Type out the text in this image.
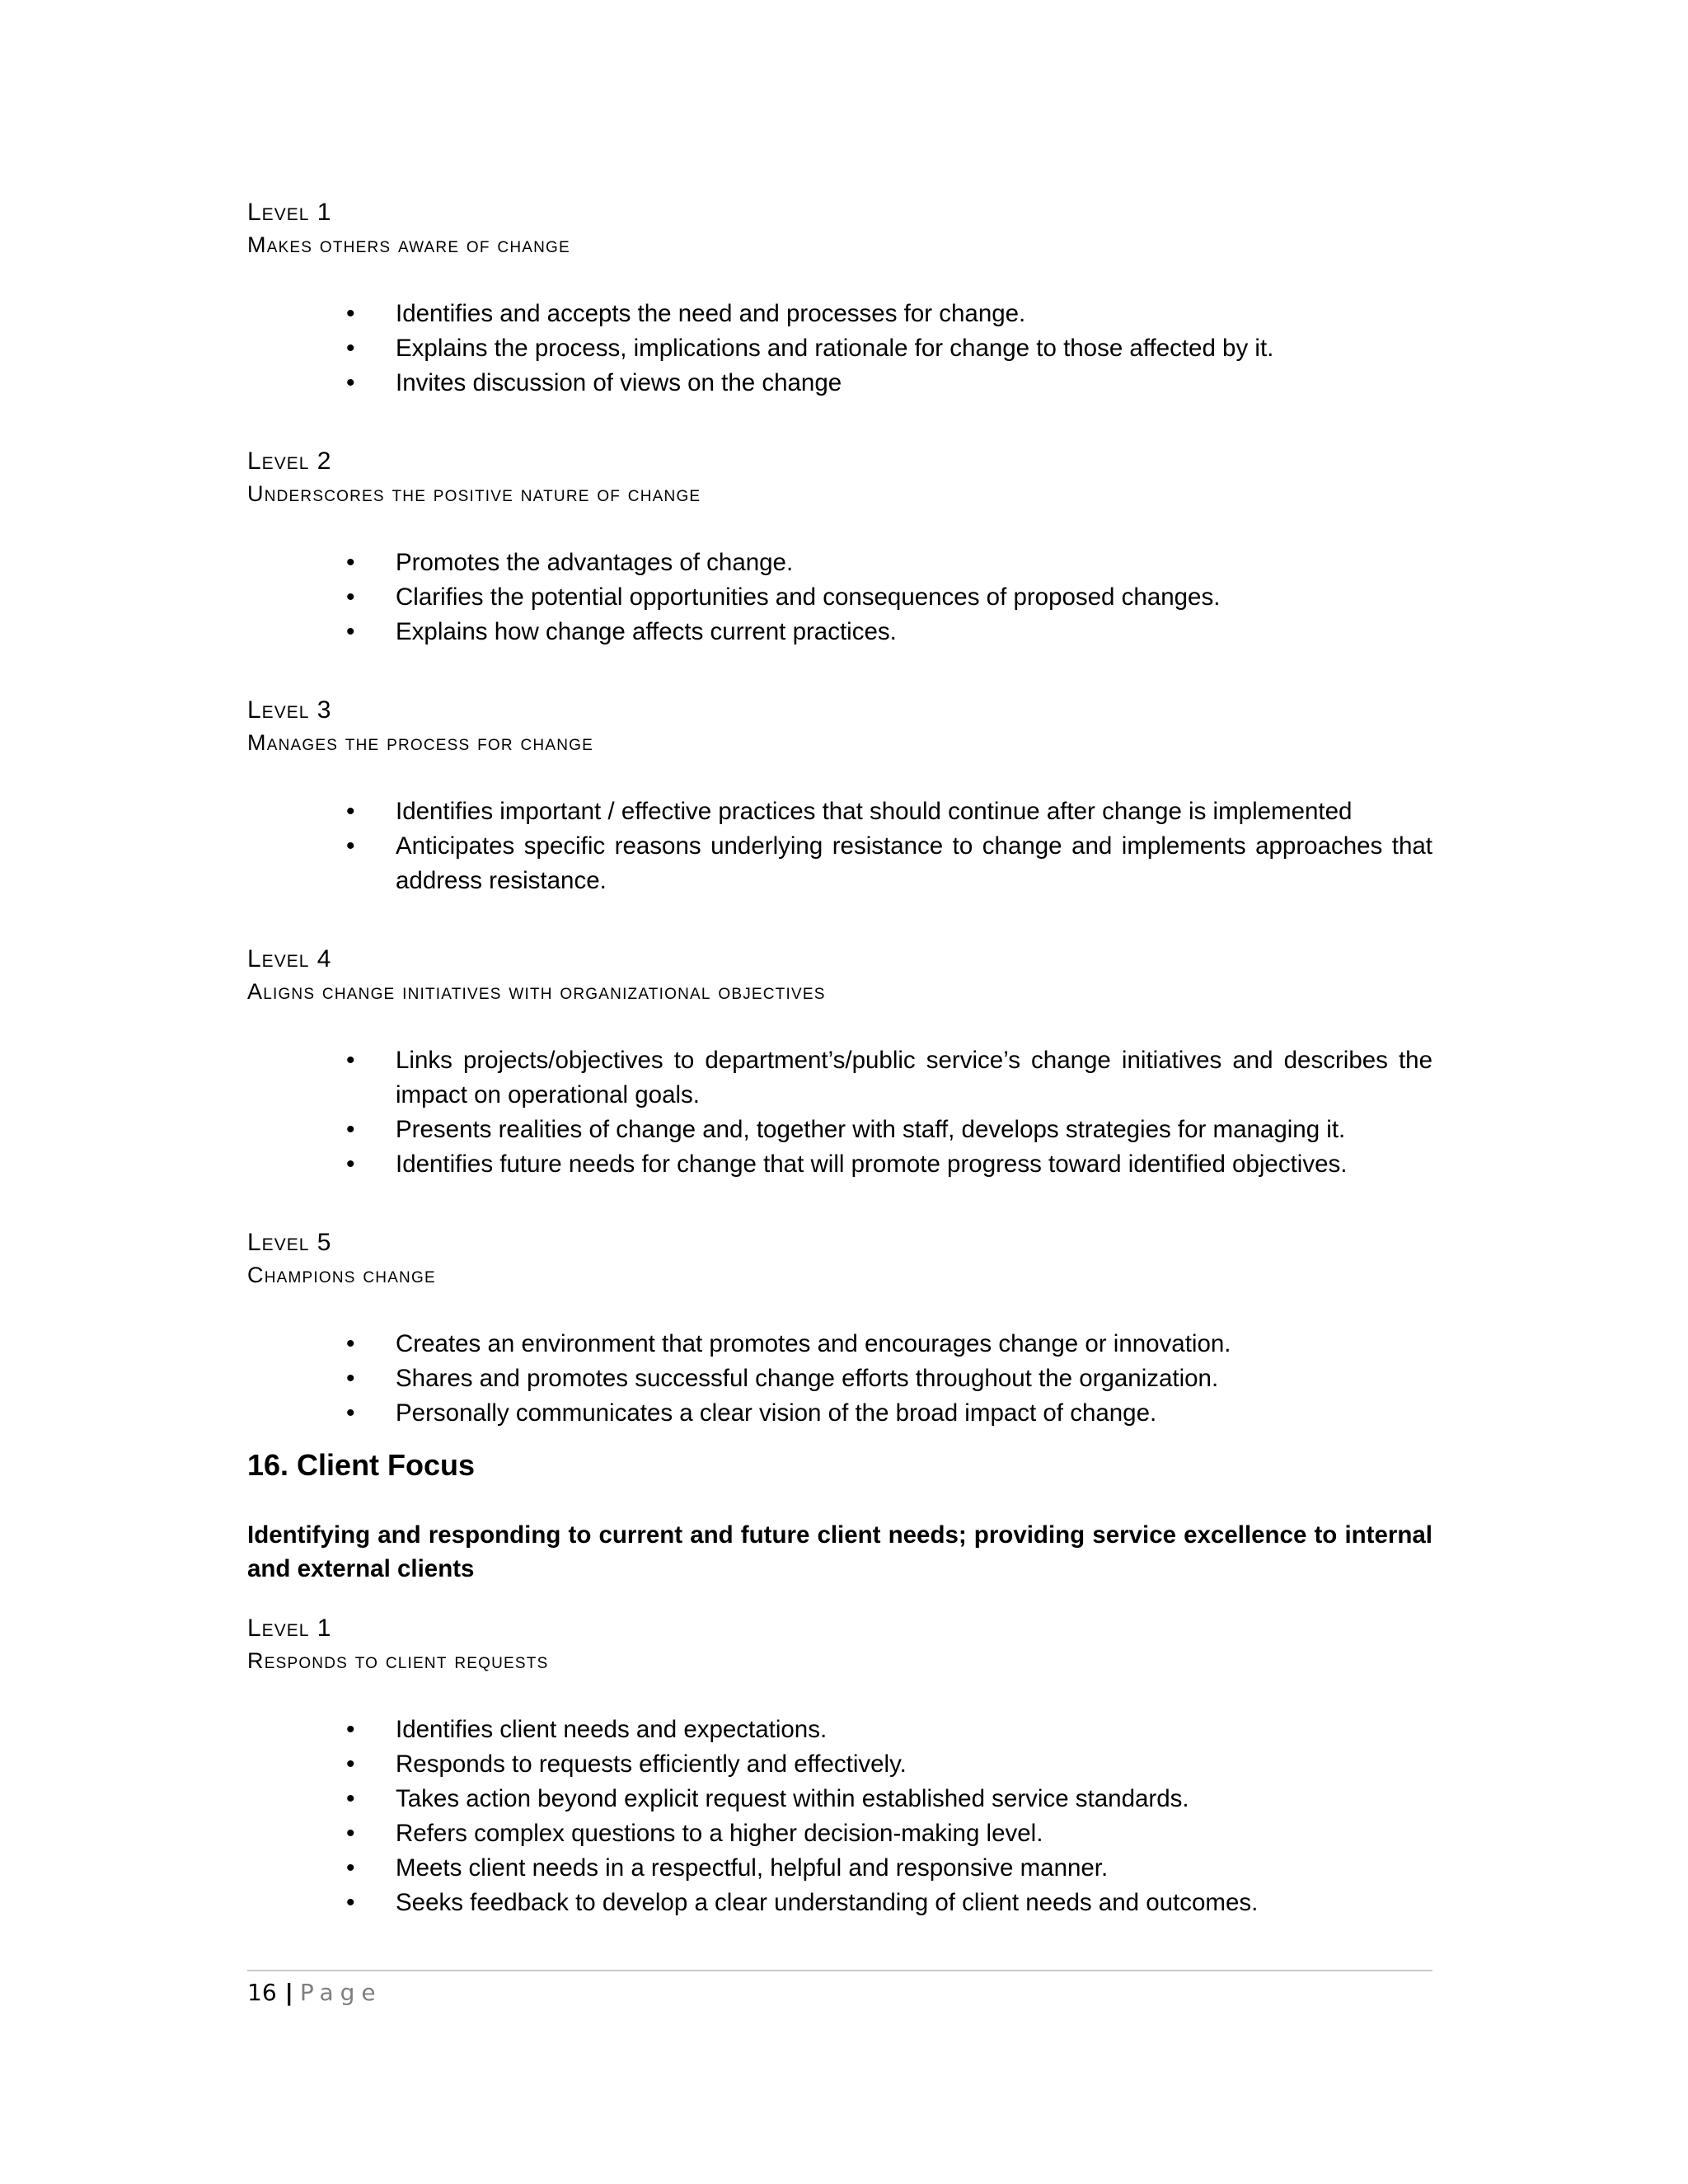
Level 1

Makes others aware of change

• Identifies and accepts the need and processes for change.
• Explains the process, implications and rationale for change to those affected by it.
• Invites discussion of views on the change

Level 2

Underscores the positive nature of change

• Promotes the advantages of change.
• Clarifies the potential opportunities and consequences of proposed changes.
• Explains how change affects current practices.

Level 3

Manages the process for change

• Identifies important / effective practices that should continue after change is implemented
• Anticipates specific reasons underlying resistance to change and implements approaches that address resistance.

Level 4

Aligns change initiatives with organizational objectives

• Links projects/objectives to department’s/public service’s change initiatives and describes the impact on operational goals.
• Presents realities of change and, together with staff, develops strategies for managing it.
• Identifies future needs for change that will promote progress toward identified objectives.

Level 5

Champions change

• Creates an environment that promotes and encourages change or innovation.
• Shares and promotes successful change efforts throughout the organization.
• Personally communicates a clear vision of the broad impact of change.
16. Client Focus

Identifying and responding to current and future client needs; providing service excellence to internal and external clients

Level 1

Responds to client requests

• Identifies client needs and expectations.
• Responds to requests efficiently and effectively.
• Takes action beyond explicit request within established service standards.
• Refers complex questions to a higher decision-making level.
• Meets client needs in a respectful, helpful and responsive manner.
• Seeks feedback to develop a clear understanding of client needs and outcomes.
16 | Page
